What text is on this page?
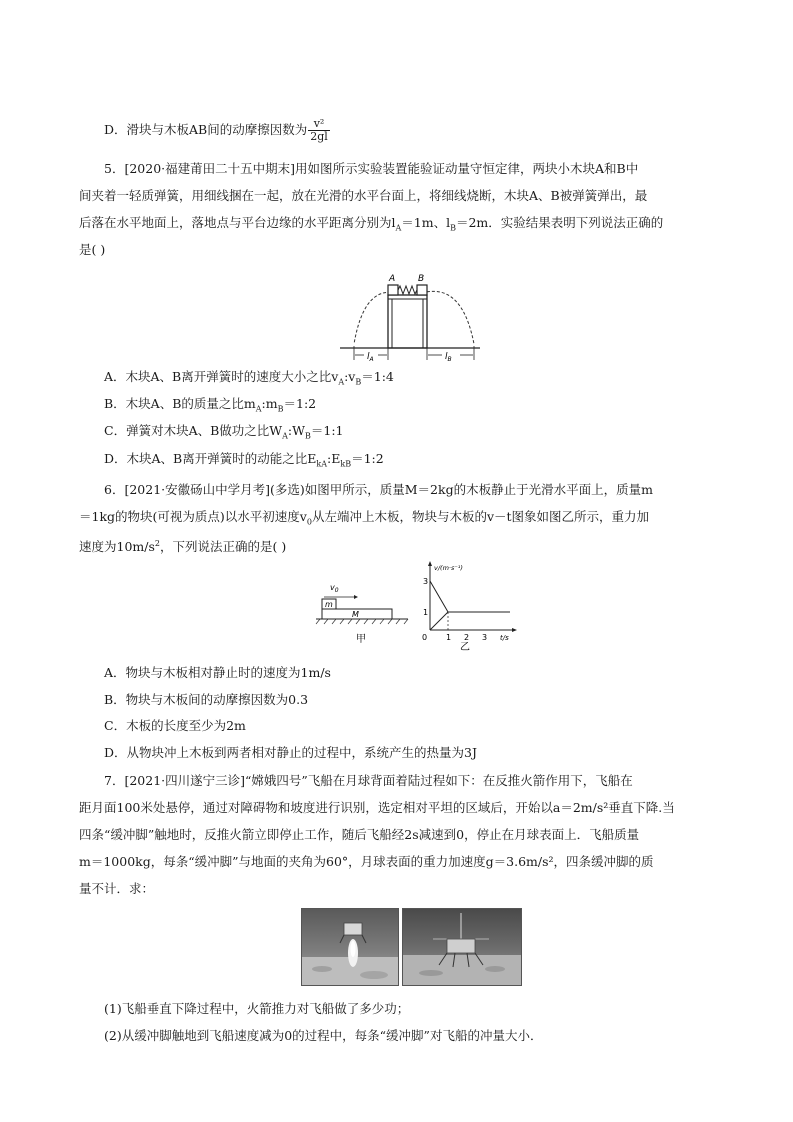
D．滑块与木板AB间的动摩擦因数为 $\frac{\text{v²}}{2gl}$
5．[2020·福建莆田二十五中期末]用如图所示实验装置能验证动量守恒定律，两块小木块A和B中
间夹着一轻质弹簧，用细线捆在一起，放在光滑的水平台面上，将细线烧断，木块A、B被弹簧弹出，最
后落在水平地面上，落地点与平台边缘的水平距离分别为$l_A=1m$、$l_B=2m$．实验结果表明下列说法正确的
是( )
A	B
$l_A$	$l_B$
A．木块A、B离开弹簧时的速度大小之比$v_A:v_B=1:4$
B．木块A、B的质量之比$m_A:m_B=1:2$
C．弹簧对木块A、B做功之比$W_A:W_B=1:1$
D．木块A、B离开弹簧时的动能之比$E_{kA}:E_{kB}=1:2$
6．[2021·安徽砀山中学月考](多选)如图甲所示，质量M＝2kg的木板静止于光滑水平面上，质量m
＝1kg的物块(可视为质点)以水平初速度$v_0$从左端冲上木板，物块与木板的v－t图象如图乙所示，重力加
速度为$10m/s^2$，下列说法正确的是( )
$v_0$
m
M
甲
v/(m·s⁻¹)
t/s
3
1
0 1 2 3
乙
A．物块与木板相对静止时的速度为1m/s
B．物块与木板间的动摩擦因数为0.3
C．木板的长度至少为2m
D．从物块冲上木板到两者相对静止的过程中，系统产生的热量为3J
7．[2021·四川遂宁三诊]“嫦娥四号”飞船在月球背面着陆过程如下：在反推火箭作用下，飞船在
距月面100米处悬停，通过对障碍物和坡度进行识别，选定相对平坦的区域后，开始以a＝2m/s²垂直下降.当
四条“缓冲脚”触地时，反推火箭立即停止工作，随后飞船经2s减速到0，停止在月球表面上．飞船质量
m＝1000kg，每条“缓冲脚”与地面的夹角为60°，月球表面的重力加速度g＝3.6m/s²，四条缓冲脚的质
量不计．求：
(1)飞船垂直下降过程中，火箭推力对飞船做了多少功；
(2)从缓冲脚触地到飞船速度减为0的过程中，每条“缓冲脚”对飞船的冲量大小．
